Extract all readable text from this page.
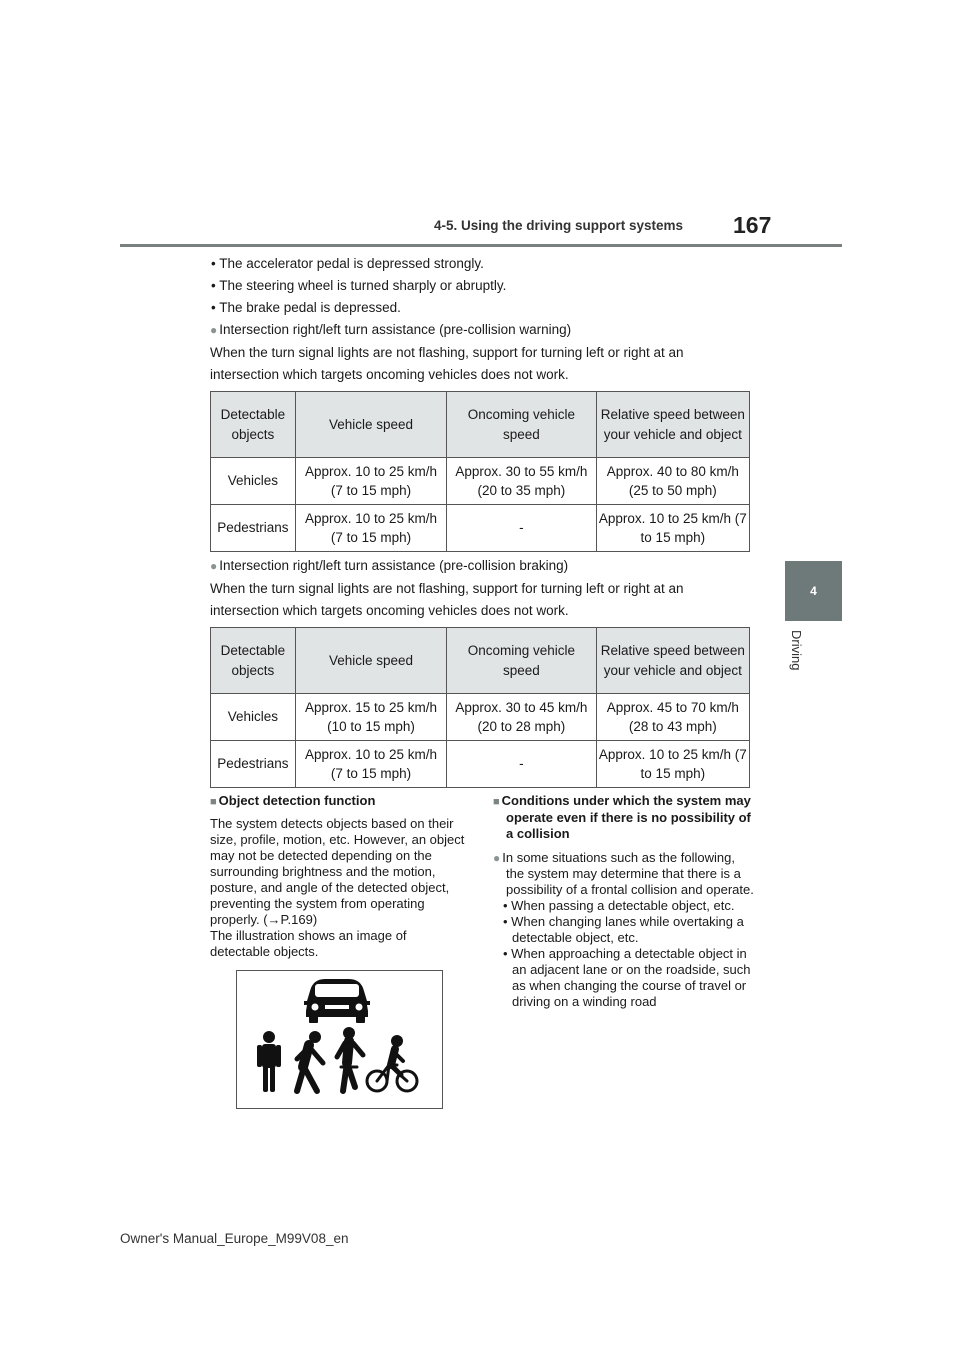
4-5. Using the driving support systems 167
4
Driving
• The accelerator pedal is depressed strongly.
• The steering wheel is turned sharply or abruptly.
• The brake pedal is depressed.
● Intersection right/left turn assistance (pre-collision warning)
When the turn signal lights are not flashing, support for turning left or right at an intersection which targets oncoming vehicles does not work.
Detectable objects	Vehicle speed	Oncoming vehicle speed	Relative speed between your vehicle and object
Vehicles	Approx. 10 to 25 km/h (7 to 15 mph)	Approx. 30 to 55 km/h (20 to 35 mph)	Approx. 40 to 80 km/h (25 to 50 mph)
Pedestrians	Approx. 10 to 25 km/h (7 to 15 mph)	-	Approx. 10 to 25 km/h (7 to 15 mph)
● Intersection right/left turn assistance (pre-collision braking)
When the turn signal lights are not flashing, support for turning left or right at an intersection which targets oncoming vehicles does not work.
Detectable objects	Vehicle speed	Oncoming vehicle speed	Relative speed between your vehicle and object
Vehicles	Approx. 15 to 25 km/h (10 to 15 mph)	Approx. 30 to 45 km/h (20 to 28 mph)	Approx. 45 to 70 km/h (28 to 43 mph)
Pedestrians	Approx. 10 to 25 km/h (7 to 15 mph)	-	Approx. 10 to 25 km/h (7 to 15 mph)
■ Object detection function
The system detects objects based on their size, profile, motion, etc. However, an object may not be detected depending on the surrounding brightness and the motion, posture, and angle of the detected object, preventing the system from operating properly. (→P.169)
The illustration shows an image of detectable objects.
■ Conditions under which the system may operate even if there is no possibility of a collision
● In some situations such as the following, the system may determine that there is a possibility of a frontal collision and operate.
• When passing a detectable object, etc.
• When changing lanes while overtaking a detectable object, etc.
• When approaching a detectable object in an adjacent lane or on the roadside, such as when changing the course of travel or driving on a winding road
Owner's Manual_Europe_M99V08_en
